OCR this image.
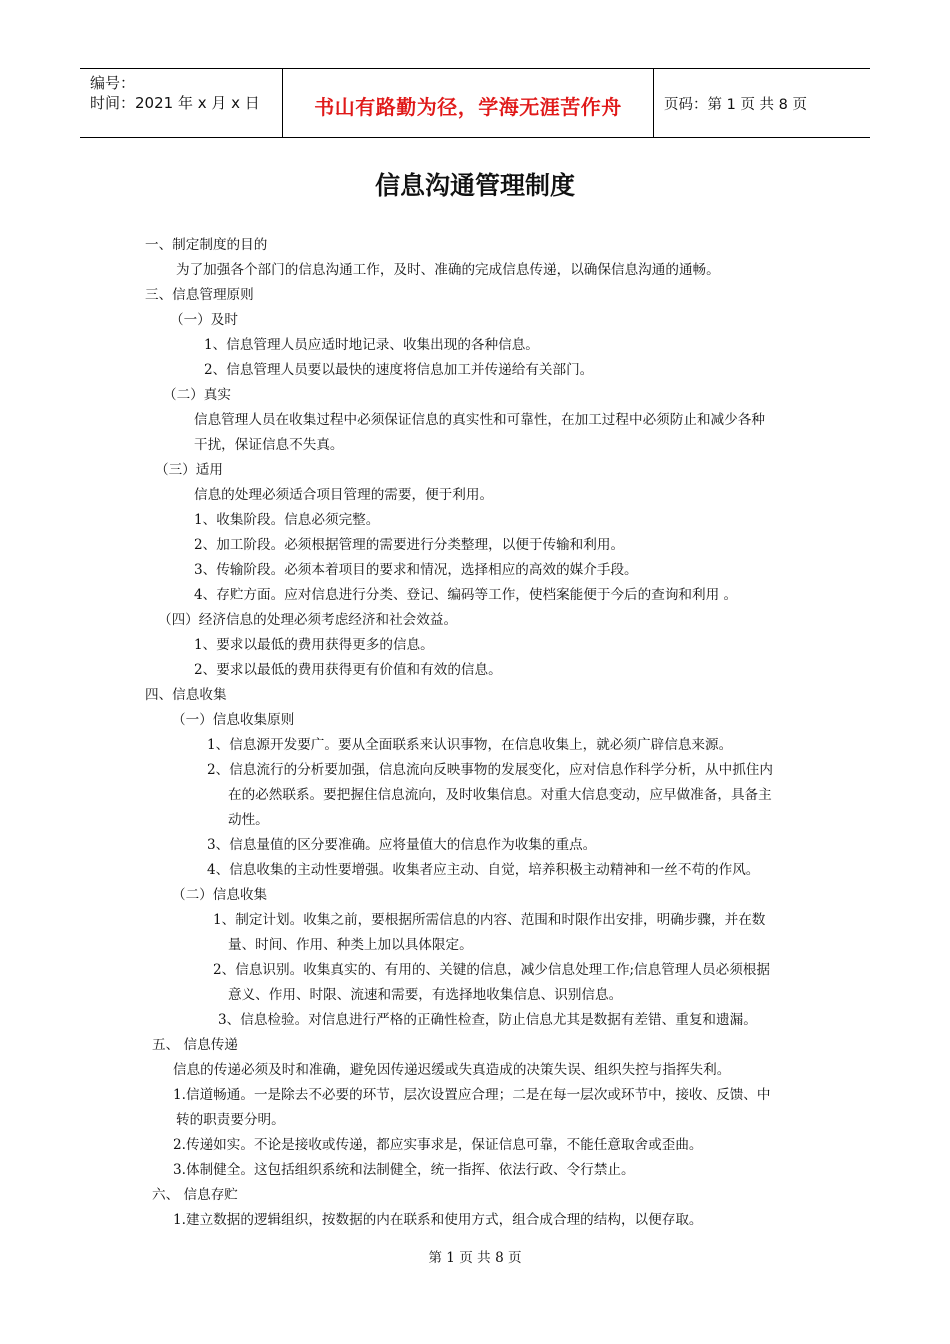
编号：
时间：2021 年 x 月 x 日	书山有路勤为径，学海无涯苦作舟	页码：第 1 页 共 8 页
信息沟通管理制度
一、制定制度的目的
为了加强各个部门的信息沟通工作，及时、准确的完成信息传递，以确保信息沟通的通畅。
三、信息管理原则
（一）及时
1、信息管理人员应适时地记录、收集出现的各种信息。
2、信息管理人员要以最快的速度将信息加工并传递给有关部门。
（二）真实
信息管理人员在收集过程中必须保证信息的真实性和可靠性，在加工过程中必须防止和减少各种
干扰，保证信息不失真。
（三）适用
信息的处理必须适合项目管理的需要，便于利用。
1、收集阶段。信息必须完整。
2、加工阶段。必须根据管理的需要进行分类整理，以便于传输和利用。
3、传输阶段。必须本着项目的要求和情况，选择相应的高效的媒介手段。
4、存贮方面。应对信息进行分类、登记、编码等工作，使档案能便于今后的查询和利用 。
（四）经济信息的处理必须考虑经济和社会效益。
1、要求以最低的费用获得更多的信息。
2、要求以最低的费用获得更有价值和有效的信息。
四、信息收集
（一）信息收集原则
1、信息源开发要广。要从全面联系来认识事物，在信息收集上，就必须广辟信息来源。
2、信息流行的分析要加强，信息流向反映事物的发展变化，应对信息作科学分析，从中抓住内
在的必然联系。要把握住信息流向，及时收集信息。对重大信息变动，应早做准备，具备主
动性。
3、信息量值的区分要准确。应将量值大的信息作为收集的重点。
4、信息收集的主动性要增强。收集者应主动、自觉，培养积极主动精神和一丝不苟的作风。
（二）信息收集
1、制定计划。收集之前，要根据所需信息的内容、范围和时限作出安排，明确步骤，并在数
量、时间、作用、种类上加以具体限定。
2、信息识别。收集真实的、有用的、关键的信息，减少信息处理工作;信息管理人员必须根据
意义、作用、时限、流速和需要，有选择地收集信息、识别信息。
3、信息检验。对信息进行严格的正确性检查，防止信息尤其是数据有差错、重复和遗漏。
五、 信息传递
信息的传递必须及时和准确，避免因传递迟缓或失真造成的决策失误、组织失控与指挥失利。
1.信道畅通。一是除去不必要的环节，层次设置应合理；二是在每一层次或环节中，接收、反馈、中
转的职责要分明。
2.传递如实。不论是接收或传递，都应实事求是，保证信息可靠，不能任意取舍或歪曲。
3.体制健全。这包括组织系统和法制健全，统一指挥、依法行政、令行禁止。
六、 信息存贮
1.建立数据的逻辑组织，按数据的内在联系和使用方式，组合成合理的结构，以便存取。
第 1 页 共 8 页
